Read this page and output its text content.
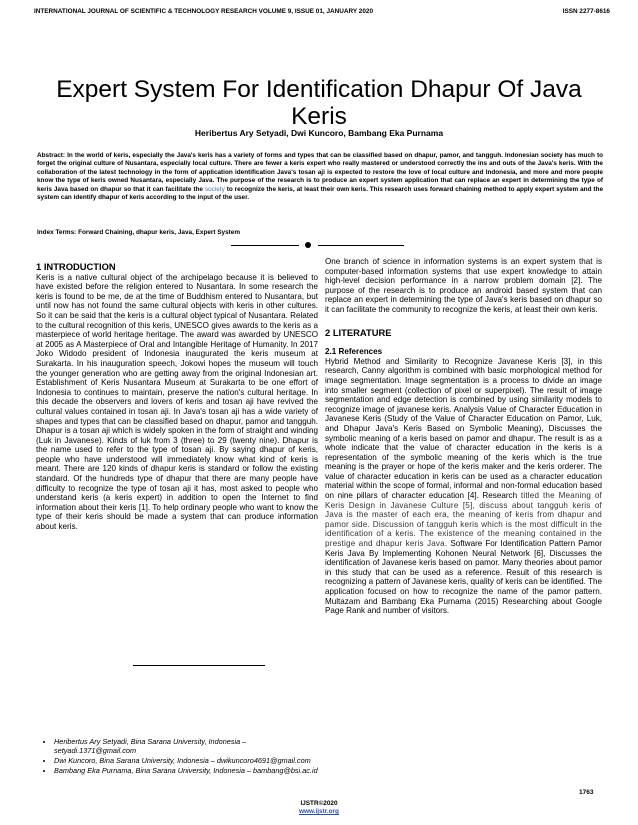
INTERNATIONAL JOURNAL OF SCIENTIFIC & TECHNOLOGY RESEARCH VOLUME 9, ISSUE 01, JANUARY 2020	ISSN 2277-8616
Expert System For Identification Dhapur Of Java Keris
Heribertus Ary Setyadi, Dwi Kuncoro, Bambang Eka Purnama
Abstract: In the world of keris, especially the Java's keris has a variety of forms and types that can be classified based on dhapur, pamor, and tangguh. Indonesian society has much to forget the original culture of Nusantara, especially local culture. There are fewer a keris expert who really mastered or understood correctly the ins and outs of the Java's keris. With the collaboration of the latest technology in the form of application identification Java's tosan aji is expected to restore the love of local culture and Indonesia, and more and more people know the type of keris owned Nusantara, especially Java. The purpose of the research is to produce an expert system application that can replace an expert in determining the type of keris Java based on dhapur so that it can facilitate the society to recognize the keris, at least their own keris. This research uses forward chaining method to apply expert system and the system can identify dhapur of keris according to the input of the user.
Index Terms: Forward Chaining, dhapur keris, Java, Expert System
1 INTRODUCTION

Keris is a native cultural object of the archipelago because it is believed to have existed before the religion entered to Nusantara. In some research the keris is found to be me, de at the time of Buddhism entered to Nusantara, but until now has not found the same cultural objects with keris in other cultures. So it can be said that the keris is a cultural object typical of Nusantara. Related to the cultural recognition of this keris, UNESCO gives awards to the keris as a masterpiece of world heritage heritage. The award was awarded by UNESCO at 2005 as A Masterpiece of Oral and Intangible Heritage of Humanity. In 2017 Joko Widodo president of Indonesia inaugurated the keris museum at Surakarta. In his inauguration speech, Jokowi hopes the museum will touch the younger generation who are getting away from the original Indonesian art. Establishment of Keris Nusantara Museum at Surakarta to be one effort of Indonesia to continues to maintain, preserve the nation's cultural heritage. In this decade the observers and lovers of keris and tosan aji have revived the cultural values contained in tosan aji. In Java's tosan aji has a wide variety of shapes and types that can be classified based on dhapur, pamor and tangguh. Dhapur is a tosan aji which is widely spoken in the form of straight and winding (Luk in Javanese). Kinds of luk from 3 (three) to 29 (twenty nine). Dhapur is the name used to refer to the type of tosan aji. By saying dhapur of keris, people who have understood will immediately know what kind of keris is meant. There are 120 kinds of dhapur keris is standard or follow the existing standard. Of the hundreds type of dhapur that there are many people have difficulty to recognize the type of tosan aji it has, most asked to people who understand keris (a keris expert) in addition to open the Internet to find information about their keris [1]. To help ordinary people who want to know the type of their keris should be made a system that can produce information about keris.

• Heribertus Ary Setyadi, Bina Sarana University, Indonesia – setyadi.1371@gmail.com
• Dwi Kuncoro, Bina Sarana University, Indonesia – dwikuncoro4691@gmail.com
• Bambang Eka Purnama, Bina Sarana University, Indonesia – bambang@bsi.ac.id

One branch of science in information systems is an expert system that is computer-based information systems that use expert knowledge to attain high-level decision performance in a narrow problem domain [2]. The purpose of the research is to produce an android based system that can replace an expert in determining the type of Java's keris based on dhapur so it can facilitate the community to recognize the keris, at least their own keris.

2 LITERATURE
2.1 References

Hybrid Method and Similarity to Recognize Javanese Keris [3], in this research, Canny algorithm is combined with basic morphological method for image segmentation. Image segmentation is a process to divide an image into smaller segment (collection of pixel or superpixel). The result of image segmentation and edge detection is combined by using similarity models to recognize image of javanese keris. Analysis Value of Character Education in Javanese Keris (Study of the Value of Character Education on Pamor, Luk, and Dhapur Java's Keris Based on Symbolic Meaning), Discusses the symbolic meaning of a keris based on pamor and dhapur. The result is as a whole indicate that the value of character education in the keris is a representation of the symbolic meaning of the keris which is the true meaning is the prayer or hope of the keris maker and the keris orderer. The value of character education in keris can be used as a character education material within the scope of formal, informal and non-formal education based on nine pillars of character education [4]. Research titled the Meaning of Keris Design in Javanese Culture [5], discuss about tangguh keris of Java is the master of each era, the meaning of keris from dhapur and pamor side. Discussion of tangguh keris which is the most difficult in the identification of a keris. The existence of the meaning contained in the prestige and dhapur keris Java. Software For Identification Pattern Pamor Keris Java By Implementing Kohonen Neural Network [6], Discusses the identification of Javanese keris based on pamor. Many theories about pamor in this study that can be used as a reference. Result of this research is recognizing a pattern of Javanese keris, quality of keris can be identified. The application focused on how to recognize the name of the pamor pattern. Multazam and Bambang Eka Purnama (2015) Researching about Google Page Rank and number of visitors.

1763
IJSTR©2020
www.ijstr.org
